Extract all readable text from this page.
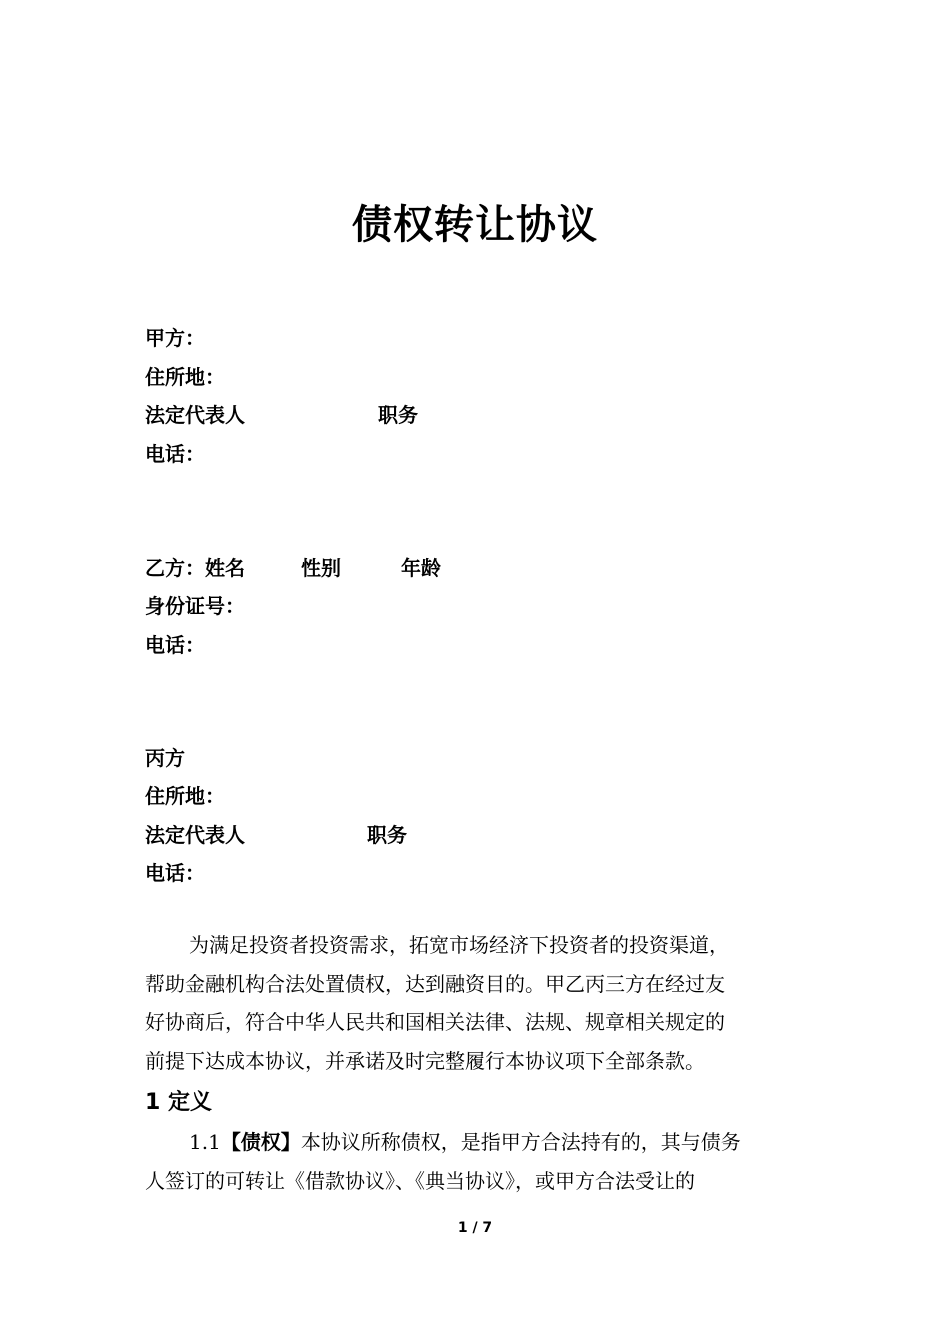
债权转让协议
甲方：
住所地：
法定代表人	职务
电话：
乙方：姓名	性别	年龄
身份证号：
电话：
丙方
住所地：
法定代表人	职务
电话：
为满足投资者投资需求，拓宽市场经济下投资者的投资渠道，
帮助金融机构合法处置债权，达到融资目的。甲乙丙三方在经过友
好协商后，符合中华人民共和国相关法律、法规、规章相关规定的
前提下达成本协议，并承诺及时完整履行本协议项下全部条款。
1 定义
1.1【债权】本协议所称债权，是指甲方合法持有的，其与债务
人签订的可转让《借款协议》、《典当协议》，或甲方合法受让的
1 / 7
